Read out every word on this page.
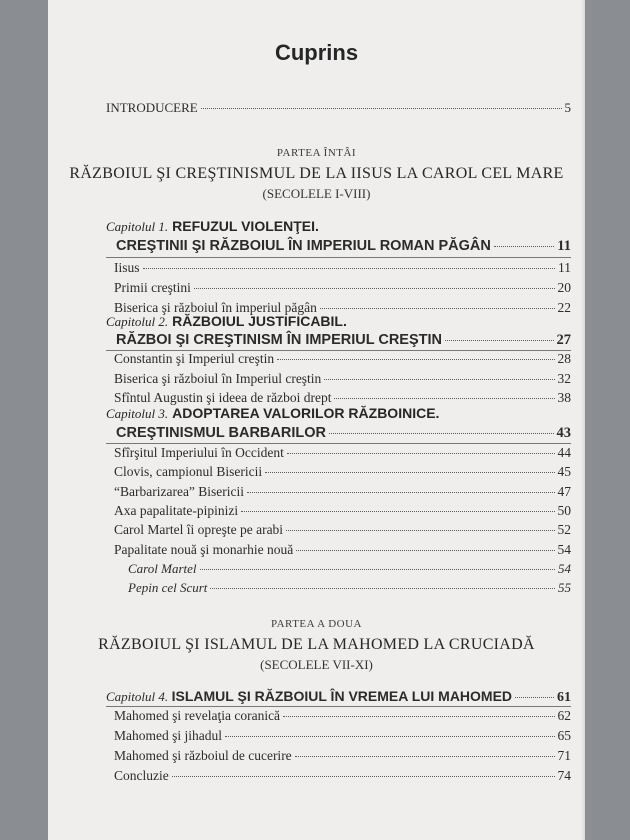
Cuprins
INTRODUCERE	5
PARTEA ÎNTÂI
RĂZBOIUL ŞI CREŞTINISMUL DE LA IISUS LA CAROL CEL MARE
(SECOLELE I-VIII)
Capitolul 1. REFUZUL VIOLENŢEI.
CREŞTINII ŞI RĂZBOIUL ÎN IMPERIUL ROMAN PĂGÂN	11
Iisus	11
Primii creştini	20
Biserica şi războiul în imperiul păgân	22
Capitolul 2. RĂZBOIUL JUSTIFICABIL.
RĂZBOI ŞI CREŞTINISM ÎN IMPERIUL CREŞTIN	27
Constantin şi Imperiul creştin	28
Biserica şi războiul în Imperiul creştin	32
Sfîntul Augustin şi ideea de război drept	38
Capitolul 3. ADOPTAREA VALORILOR RĂZBOINICE.
CREŞTINISMUL BARBARILOR	43
Sfîrşitul Imperiului în Occident	44
Clovis, campionul Bisericii	45
“Barbarizarea” Bisericii	47
Axa papalitate-pipinizi	50
Carol Martel îi opreşte pe arabi	52
Papalitate nouă şi monarhie nouă	54
Carol Martel	54
Pepin cel Scurt	55
PARTEA A DOUA
RĂZBOIUL ŞI ISLAMUL DE LA MAHOMED LA CRUCIADĂ
(SECOLELE VII-XI)
Capitolul 4. ISLAMUL ŞI RĂZBOIUL ÎN VREMEA LUI MAHOMED	61
Mahomed şi revelaţia coranică	62
Mahomed şi jihadul	65
Mahomed şi războiul de cucerire	71
Concluzie	74
